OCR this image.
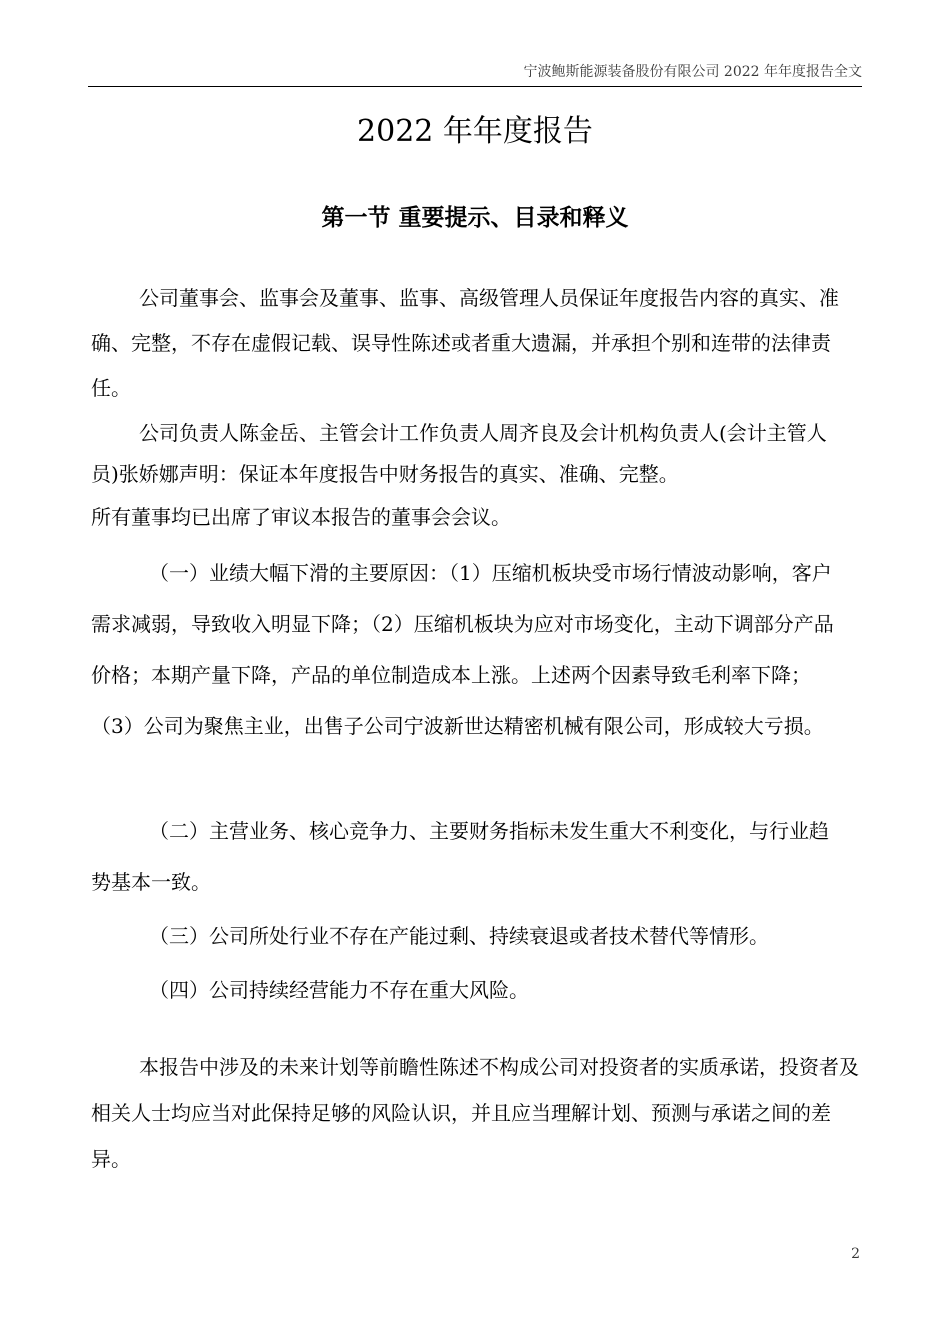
宁波鲍斯能源装备股份有限公司 2022 年年度报告全文
2022 年年度报告
第一节 重要提示、目录和释义

公司董事会、监事会及董事、监事、高级管理人员保证年度报告内容的真实、准确、完整，不存在虚假记载、误导性陈述或者重大遗漏，并承担个别和连带的法律责任。

公司负责人陈金岳、主管会计工作负责人周齐良及会计机构负责人(会计主管人员)张娇娜声明：保证本年度报告中财务报告的真实、准确、完整。

所有董事均已出席了审议本报告的董事会会议。

（一）业绩大幅下滑的主要原因：（1）压缩机板块受市场行情波动影响，客户需求减弱，导致收入明显下降；（2）压缩机板块为应对市场变化，主动下调部分产品价格；本期产量下降，产品的单位制造成本上涨。上述两个因素导致毛利率下降；（3）公司为聚焦主业，出售子公司宁波新世达精密机械有限公司，形成较大亏损。

（二）主营业务、核心竞争力、主要财务指标未发生重大不利变化，与行业趋势基本一致。

（三）公司所处行业不存在产能过剩、持续衰退或者技术替代等情形。

（四）公司持续经营能力不存在重大风险。

本报告中涉及的未来计划等前瞻性陈述不构成公司对投资者的实质承诺，投资者及相关人士均应当对此保持足够的风险认识，并且应当理解计划、预测与承诺之间的差异。

2
